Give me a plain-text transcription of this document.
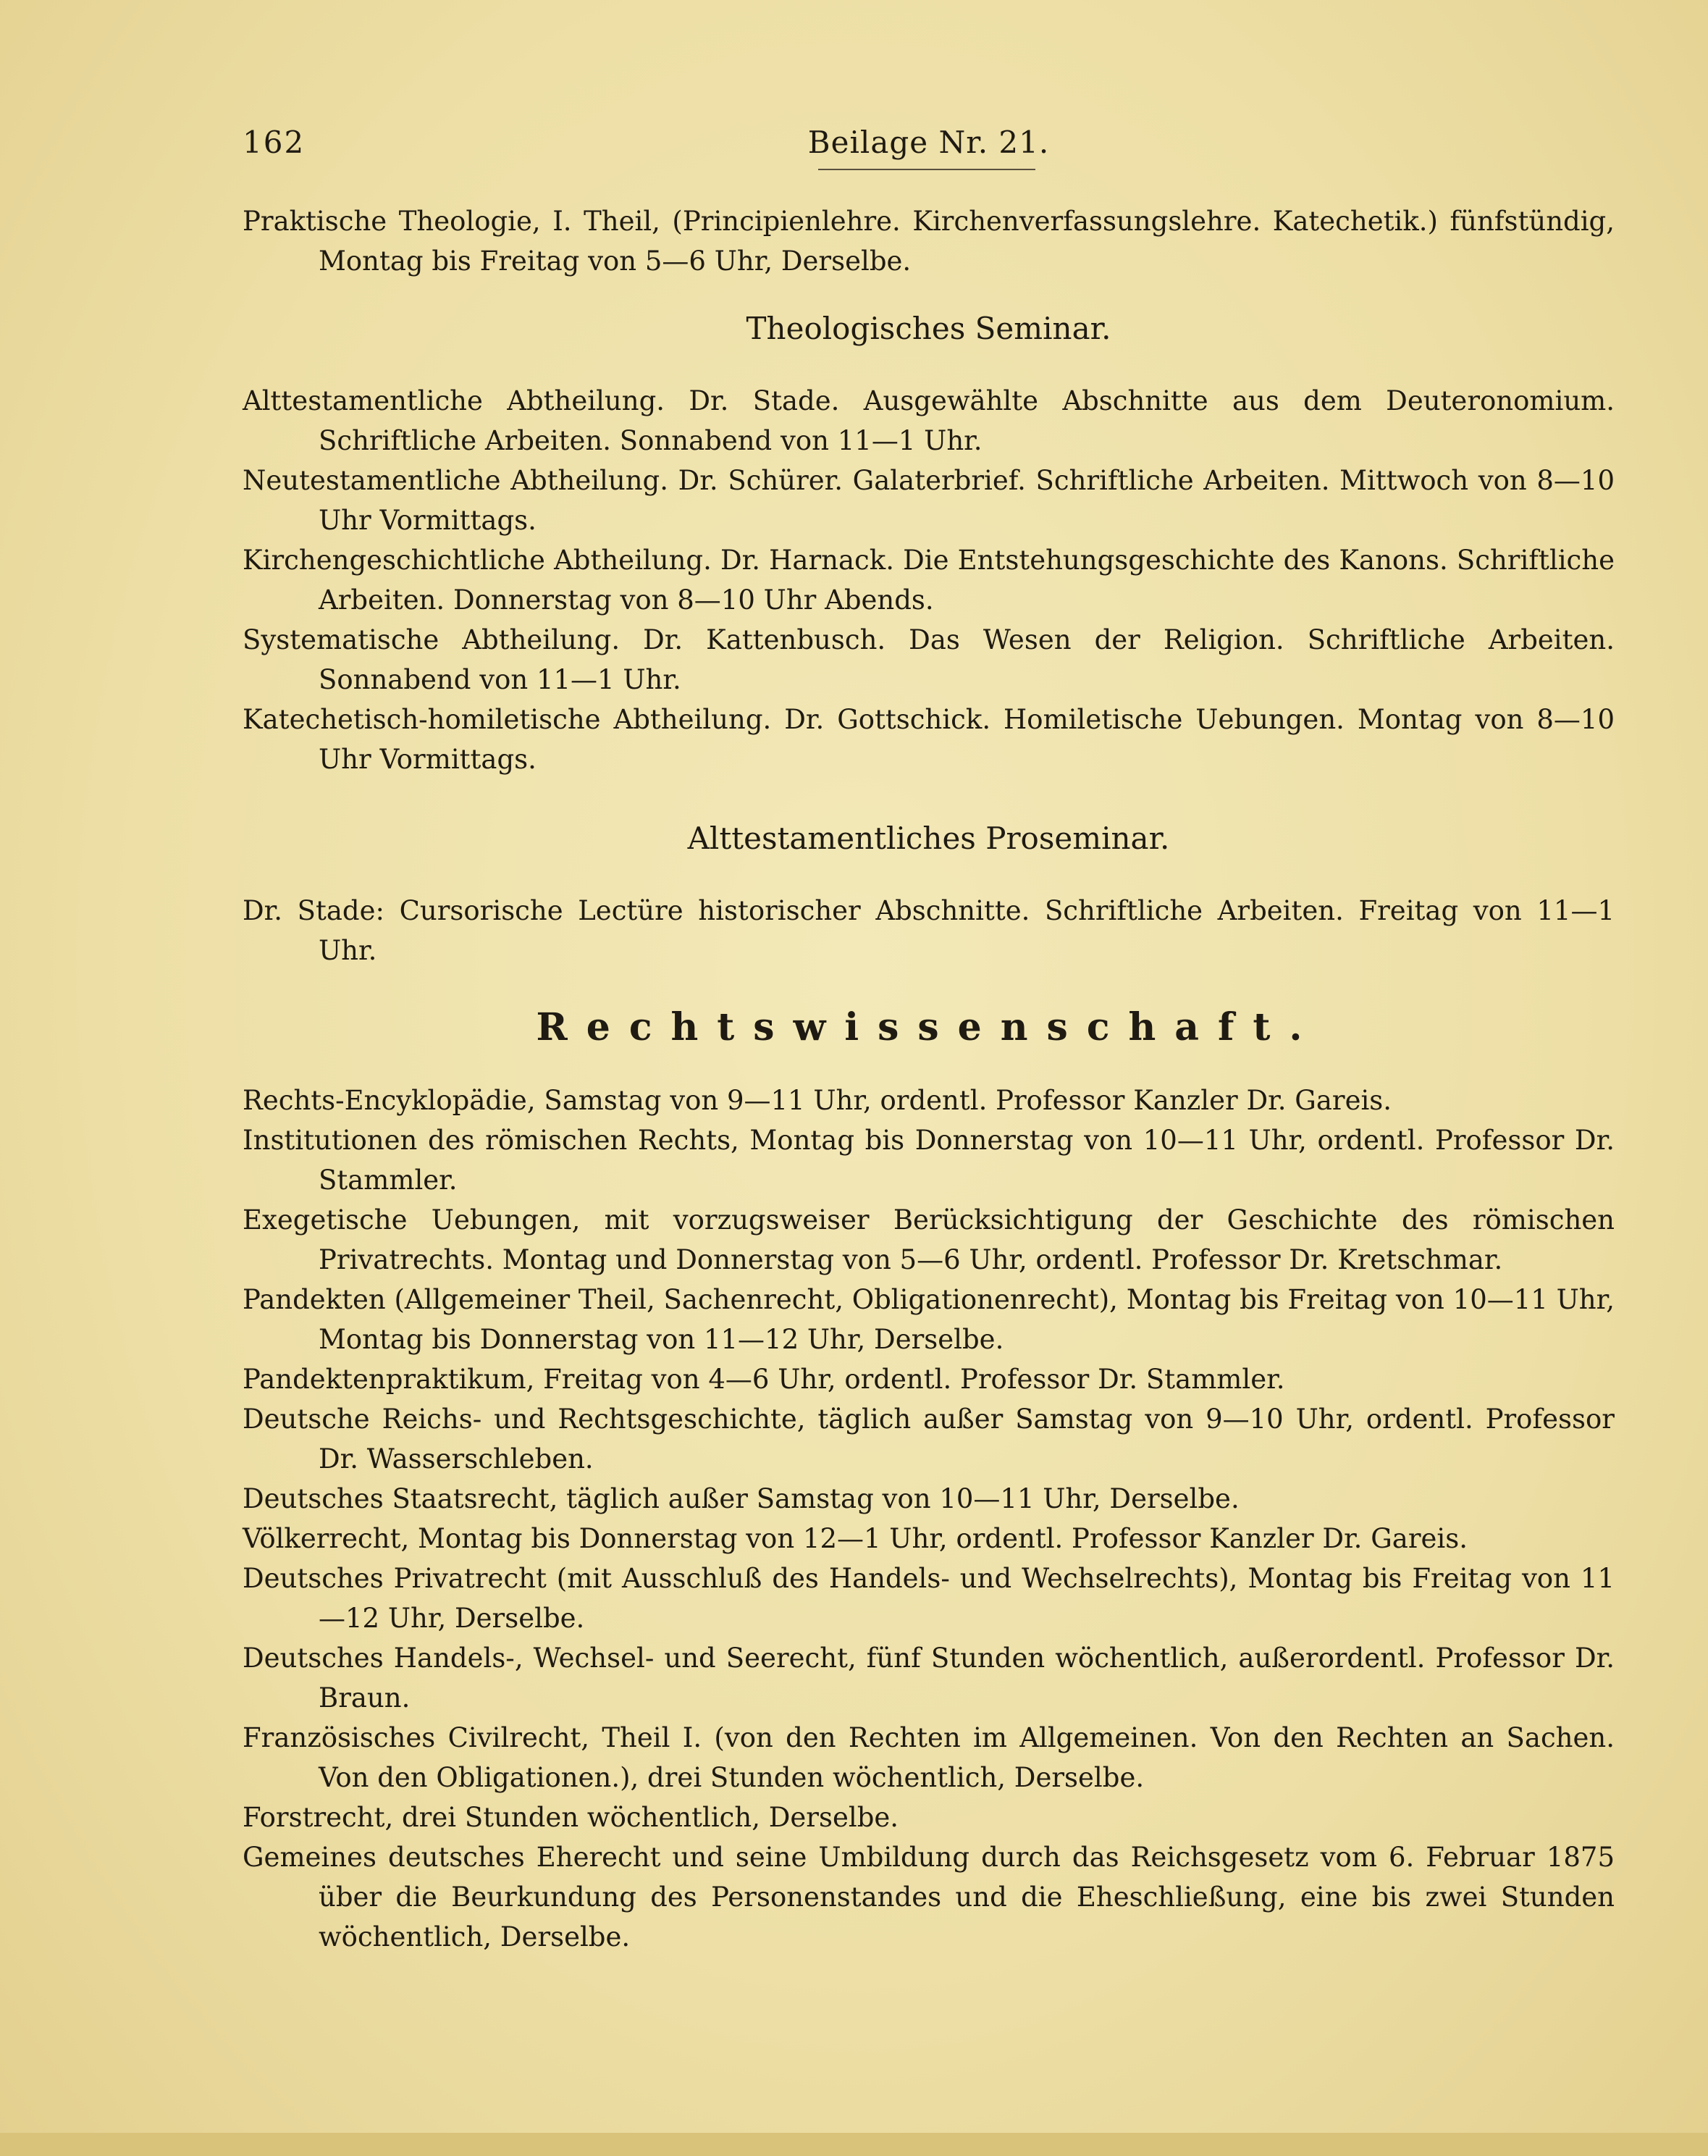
162	Beilage Nr. 21.

Praktische Theologie, I. Theil, (Principienlehre. Kirchenverfassungslehre. Katechetik.) fünfstündig, Montag bis Freitag von 5—6 Uhr, Derselbe.

Theologisches Seminar.

Alttestamentliche Abtheilung. Dr. Stade. Ausgewählte Abschnitte aus dem Deuteronomium. Schriftliche Arbeiten. Sonnabend von 11—1 Uhr.

Neutestamentliche Abtheilung. Dr. Schürer. Galaterbrief. Schriftliche Arbeiten. Mittwoch von 8—10 Uhr Vormittags.

Kirchengeschichtliche Abtheilung. Dr. Harnack. Die Entstehungsgeschichte des Kanons. Schriftliche Arbeiten. Donnerstag von 8—10 Uhr Abends.

Systematische Abtheilung. Dr. Kattenbusch. Das Wesen der Religion. Schriftliche Arbeiten. Sonnabend von 11—1 Uhr.

Katechetisch-homiletische Abtheilung. Dr. Gottschick. Homiletische Uebungen. Montag von 8—10 Uhr Vormittags.

Alttestamentliches Proseminar.

Dr. Stade: Cursorische Lectüre historischer Abschnitte. Schriftliche Arbeiten. Freitag von 11—1 Uhr.

Rechtswissenschaft.

Rechts-Encyklopädie, Samstag von 9—11 Uhr, ordentl. Professor Kanzler Dr. Gareis.

Institutionen des römischen Rechts, Montag bis Donnerstag von 10—11 Uhr, ordentl. Professor Dr. Stammler.

Exegetische Uebungen, mit vorzugsweiser Berücksichtigung der Geschichte des römischen Privatrechts. Montag und Donnerstag von 5—6 Uhr, ordentl. Professor Dr. Kretschmar.

Pandekten (Allgemeiner Theil, Sachenrecht, Obligationenrecht), Montag bis Freitag von 10—11 Uhr, Montag bis Donnerstag von 11—12 Uhr, Derselbe.

Pandektenpraktikum, Freitag von 4—6 Uhr, ordentl. Professor Dr. Stammler.

Deutsche Reichs- und Rechtsgeschichte, täglich außer Samstag von 9—10 Uhr, ordentl. Professor Dr. Wasserschleben.

Deutsches Staatsrecht, täglich außer Samstag von 10—11 Uhr, Derselbe.

Völkerrecht, Montag bis Donnerstag von 12—1 Uhr, ordentl. Professor Kanzler Dr. Gareis.

Deutsches Privatrecht (mit Ausschluß des Handels- und Wechselrechts), Montag bis Freitag von 11—12 Uhr, Derselbe.

Deutsches Handels-, Wechsel- und Seerecht, fünf Stunden wöchentlich, außerordentl. Professor Dr. Braun.

Französisches Civilrecht, Theil I. (von den Rechten im Allgemeinen. Von den Rechten an Sachen. Von den Obligationen.), drei Stunden wöchentlich, Derselbe.

Forstrecht, drei Stunden wöchentlich, Derselbe.

Gemeines deutsches Eherecht und seine Umbildung durch das Reichsgesetz vom 6. Februar 1875 über die Beurkundung des Personenstandes und die Eheschließung, eine bis zwei Stunden wöchentlich, Derselbe.
